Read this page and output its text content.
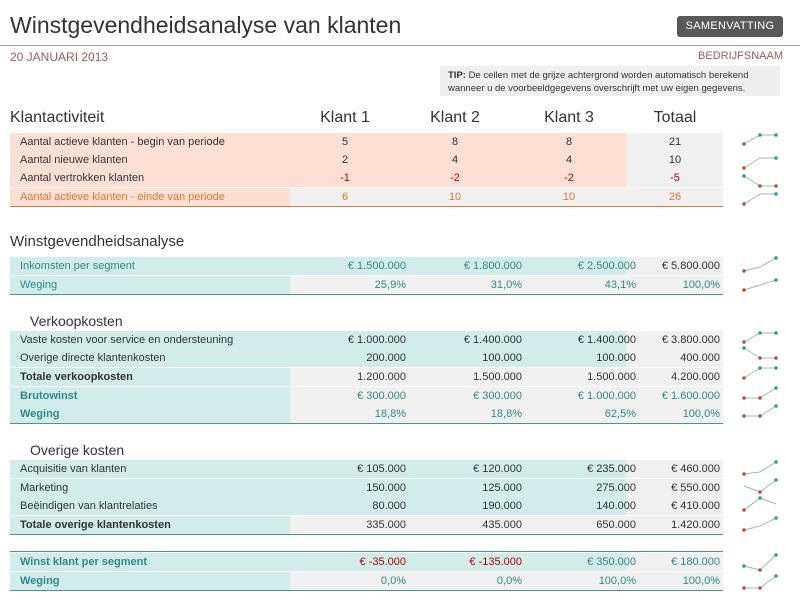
Winstgevendheidsanalyse van klanten	SAMENVATTING
20 JANUARI 2013	BEDRIJFSNAAM
TIP: De cellen met de grijze achtergrond worden automatisch berekend wanneer u de voorbeeldgegevens overschrijft met uw eigen gegevens.
Klantactiviteit	Klant 1	Klant 2	Klant 3	Totaal
Aantal actieve klanten - begin van periode	5	8	8	21
Aantal nieuwe klanten	2	4	4	10
Aantal vertrokken klanten	-1	-2	-2	-5
Aantal actieve klanten - einde van periode	6	10	10	26
Winstgevendheidsanalyse
Inkomsten per segment	€ 1.500.000	€ 1.800.000	€ 2.500.000	€ 5.800.000
Weging	25,9%	31,0%	43,1%	100,0%
Verkoopkosten
Vaste kosten voor service en ondersteuning	€ 1.000.000	€ 1.400.000	€ 1.400.000	€ 3.800.000
Overige directe klantenkosten	200.000	100.000	100.000	400.000
Totale verkoopkosten	1.200.000	1.500.000	1.500.000	4.200.000
Brutowinst	€ 300.000	€ 300.000	€ 1.000.000	€ 1.600.000
Weging	18,8%	18,8%	62,5%	100,0%
Overige kosten
Acquisitie van klanten	€ 105.000	€ 120.000	€ 235.000	€ 460.000
Marketing	150.000	125.000	275.000	€ 550.000
Beëindigen van klantrelaties	80.000	190.000	140.000	€ 410.000
Totale overige klantenkosten	335.000	435.000	650.000	1.420.000
Winst klant per segment	€ -35.000	€ -135.000	€ 350.000	€ 180.000
Weging	0,0%	0,0%	100,0%	100,0%
